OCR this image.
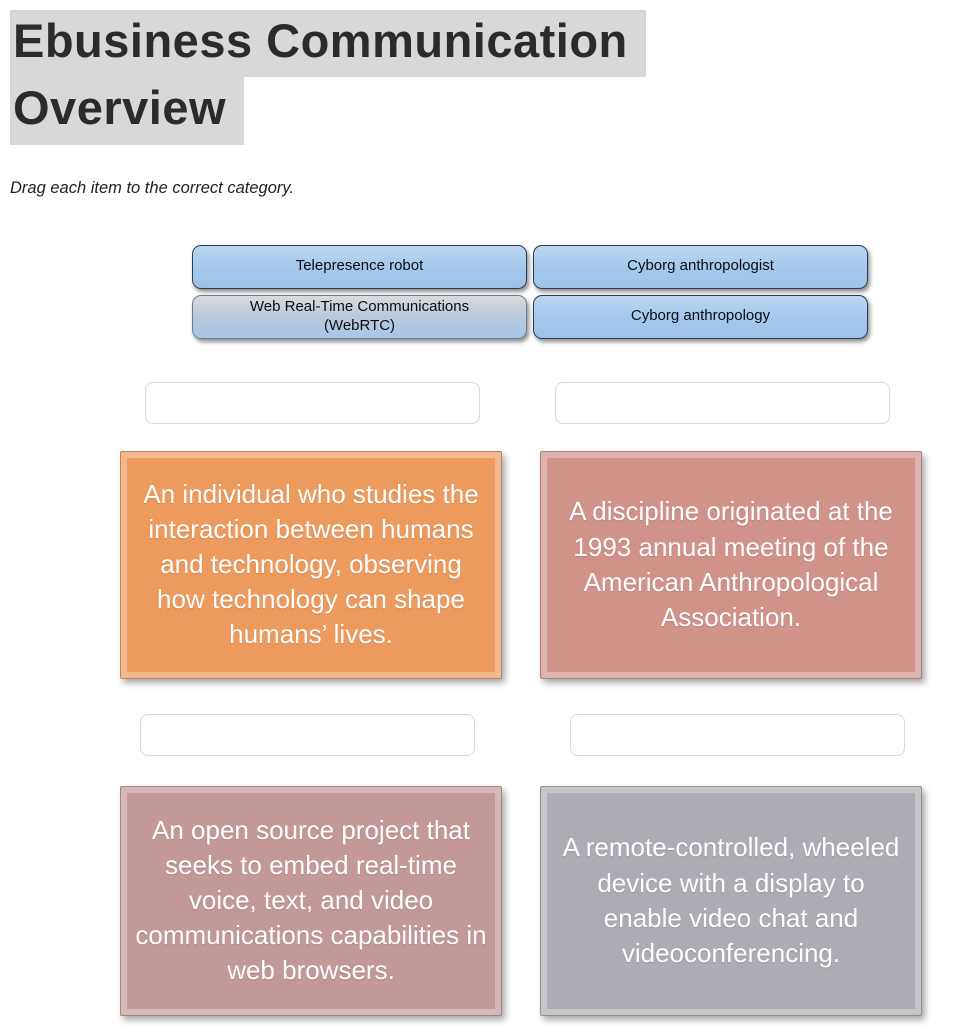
Ebusiness Communication
Overview

Drag each item to the correct category.

Telepresence robot	Cyborg anthropologist
Web Real-Time Communications (WebRTC)
Cyborg anthropology
An individual who studies the interaction between humans and technology, observing how technology can shape humans’ lives.
A discipline originated at the 1993 annual meeting of the American Anthropological Association.
An open source project that seeks to embed real-time voice, text, and video communications capabilities in web browsers.
A remote-controlled, wheeled device with a display to enable video chat and videoconferencing.
